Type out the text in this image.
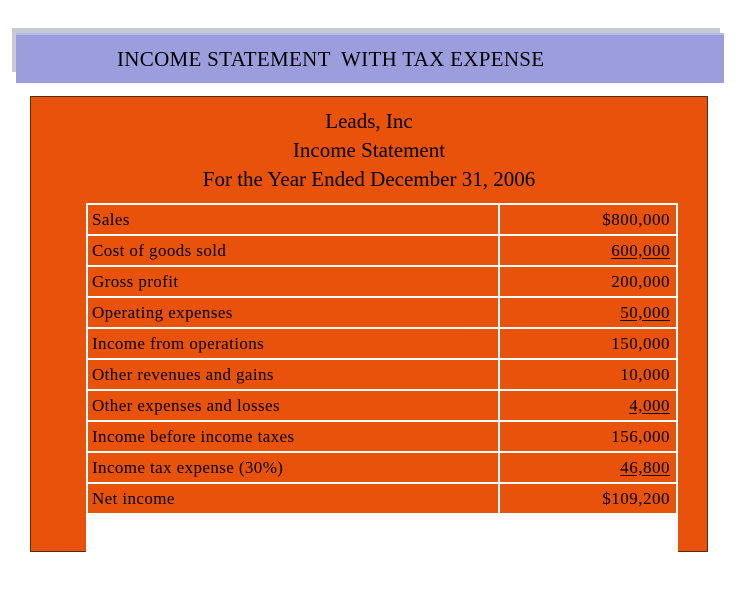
INCOME STATEMENT  WITH TAX EXPENSE
Leads, Inc
Income Statement
For the Year Ended December 31, 2006
Sales	$800,000
Cost of goods sold	600,000
Gross profit	200,000
Operating expenses	50,000
Income from operations	150,000
Other revenues and gains	10,000
Other expenses and losses	4,000
Income before income taxes	156,000
Income tax expense (30%)	46,800
Net income	$109,200
